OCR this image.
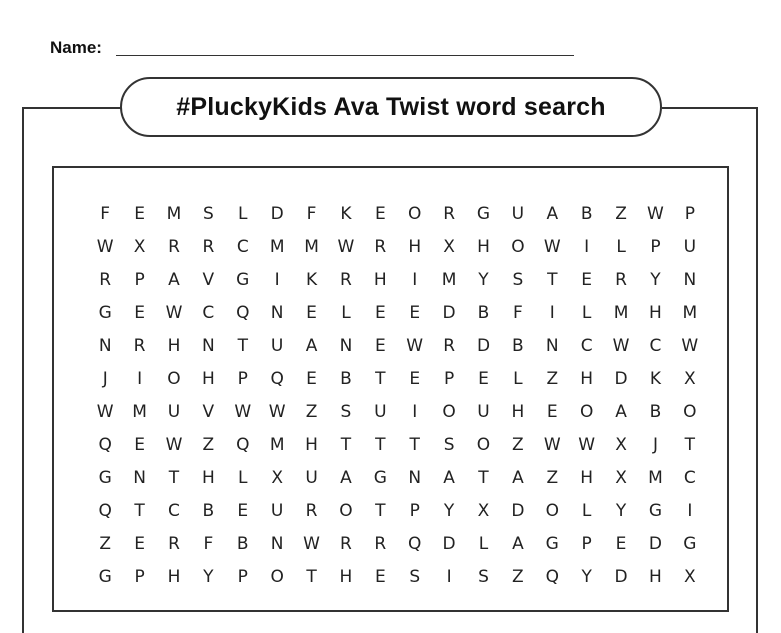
Name:
#PluckyKids Ava Twist word search
F	E	M	S	L	D	F	K	E	O	R	G	U	A	B	Z	W	P
W	X	R	R	C	M	M	W	R	H	X	H	O	W	I	L	P	U
R	P	A	V	G	I	K	R	H	I	M	Y	S	T	E	R	Y	N
G	E	W	C	Q	N	E	L	E	E	D	B	F	I	L	M	H	M
N	R	H	N	T	U	A	N	E	W	R	D	B	N	C	W	C	W
J	I	O	H	P	Q	E	B	T	E	P	E	L	Z	H	D	K	X
W	M	U	V	W	W	Z	S	U	I	O	U	H	E	O	A	B	O
Q	E	W	Z	Q	M	H	T	T	T	S	O	Z	W	W	X	J	T
G	N	T	H	L	X	U	A	G	N	A	T	A	Z	H	X	M	C
Q	T	C	B	E	U	R	O	T	P	Y	X	D	O	L	Y	G	I
Z	E	R	F	B	N	W	R	R	Q	D	L	A	G	P	E	D	G
G	P	H	Y	P	O	T	H	E	S	I	S	Z	Q	Y	D	H	X
